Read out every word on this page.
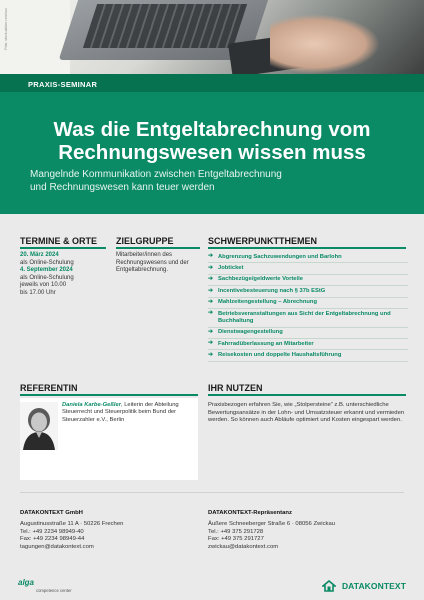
Foto: stock.adobe.com/xxx
PRAXIS-SEMINAR
Was die Entgeltabrechnung vom
Rechnungswesen wissen muss
Mangelnde Kommunikation zwischen Entgeltabrechnung
und Rechnungswesen kann teuer werden
TERMINE & ORTE ZIELGRUPPE	SCHWERPUNKTTHEMEN
20. März 2024
als Online-Schulung
4. September 2024
als Online-Schulung
jeweils von 10.00
bis 17.00 Uhr
Mitarbeiter/innen des Rechnungswesens und der Entgeltabrechnung.
➔ Abgrenzung Sachzuwendungen und Barlohn
➔ Jobticket
➔ Sachbezüge/geldwerte Vorteile
➔ Incentivebesteuerung nach § 37b EStG
➔ Mahlzeitengestellung – Abrechnung
➔ Betriebsveranstaltungen aus Sicht der Entgeltabrechnung und Buchhaltung
➔ Dienstwagengestellung
➔ Fahrradüberlassung an Mitarbeiter
➔ Reisekosten und doppelte Haushaltsführung
REFERENTIN
Daniela Karbe-Geßler, Leiterin der Abteilung Steuerrecht und Steuerpolitik beim Bund der Steuerzahler e.V., Berlin
IHR NUTZEN
Praxisbezogen erfahren Sie, wie „Stolpersteine“ z.B. unterschiedliche Bewertungsansätze in der Lohn- und Umsatzsteuer erkannt und vermieden werden. So können auch Abläufe optimiert und Kosten eingespart werden.
DATAKONTEXT GmbH
Augustinusstraße 11 A · 50226 Frechen
Tel.: +49 2234 98949-40
Fax: +49 2234 98949-44
tagungen@datakontext.com
DATAKONTEXT-Repräsentanz
Äußere Schneeberger Straße 6 · 08056 Zwickau
Tel.: +49 375 291728
Fax: +49 375 291727
zwickau@datakontext.com
alga
competence center	DATAKONTEXT
